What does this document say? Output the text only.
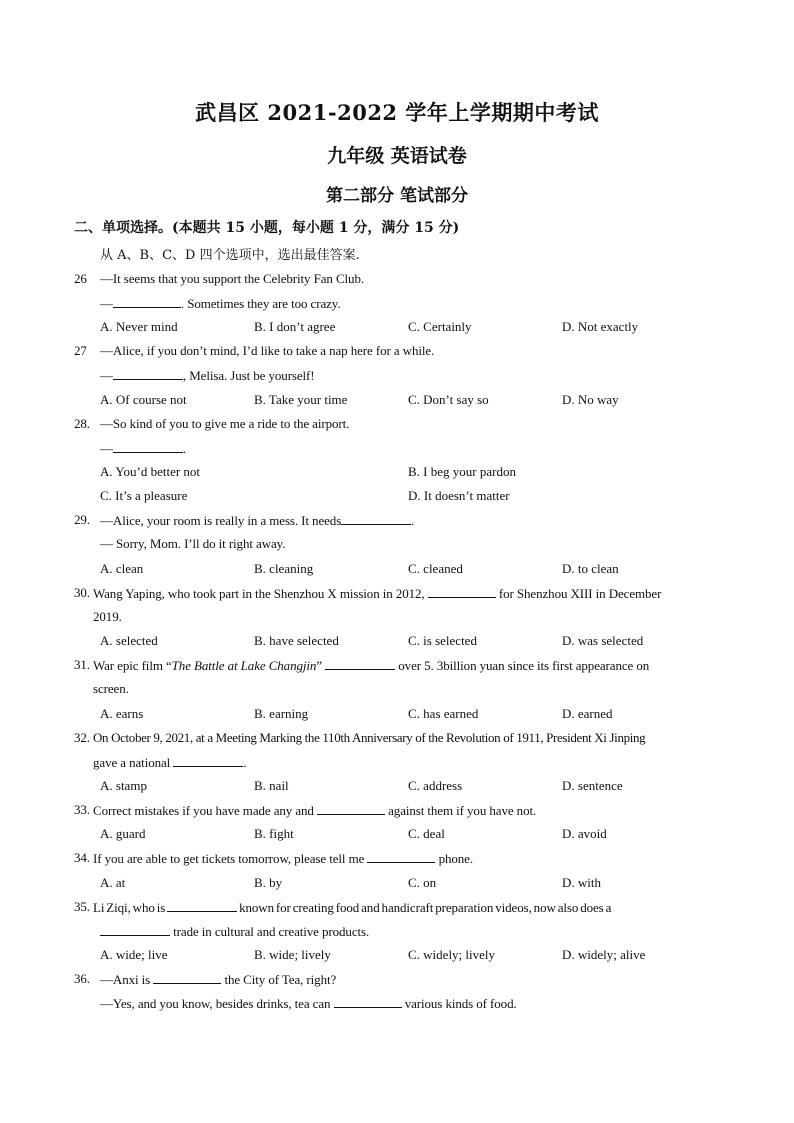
武昌区 2021-2022 学年上学期期中考试
九年级 英语试卷
第二部分 笔试部分
二、单项选择。(本题共 15 小题，每小题 1 分，满分 15 分)
从 A、B、C、D 四个选项中，选出最佳答案.
26 —It seems that you support the Celebrity Fan Club.
—	. Sometimes they are too crazy.
A. Never mind	B. I don’t agree	C. Certainly	D. Not exactly
27 —Alice, if you don’t mind, I’d like to take a nap here for a while.
—	, Melisa. Just be yourself!
A. Of course not	B. Take your time	C. Don’t say so	D. No way
28. —So kind of you to give me a ride to the airport.
—	.
A. You’d better not	B. I beg your pardon
C. It’s a pleasure	D. It doesn’t matter
29. —Alice, your room is really in a mess. It needs	.
— Sorry, Mom. I’ll do it right away.
A. clean	B. cleaning	C. cleaned	D. to clean
30. Wang Yaping, who took part in the Shenzhou X mission in 2012,	for Shenzhou XIII in December
2019.
A. selected	B. have selected	C. is selected	D. was selected
31. War epic film “The Battle at Lake Changjin”	over 5. 3billion yuan since its first appearance on
screen.
A. earns	B. earning	C. has earned	D. earned
32. On October 9, 2021, at a Meeting Marking the 110th Anniversary of the Revolution of 1911, President Xi Jinping
gave a national	.
A. stamp	B. nail	C. address	D. sentence
33. Correct mistakes if you have made any and	against them if you have not.
A. guard	B. fight	C. deal	D. avoid
34. If you are able to get tickets tomorrow, please tell me	phone.
A. at	B. by	C. on	D. with
35. Li Ziqi, who is	known for creating food and handicraft preparation videos, now also does a
trade in cultural and creative products.
A. wide; live	B. wide; lively	C. widely; lively	D. widely; alive
36. —Anxi is	the City of Tea, right?
—Yes, and you know, besides drinks, tea can	various kinds of food.
